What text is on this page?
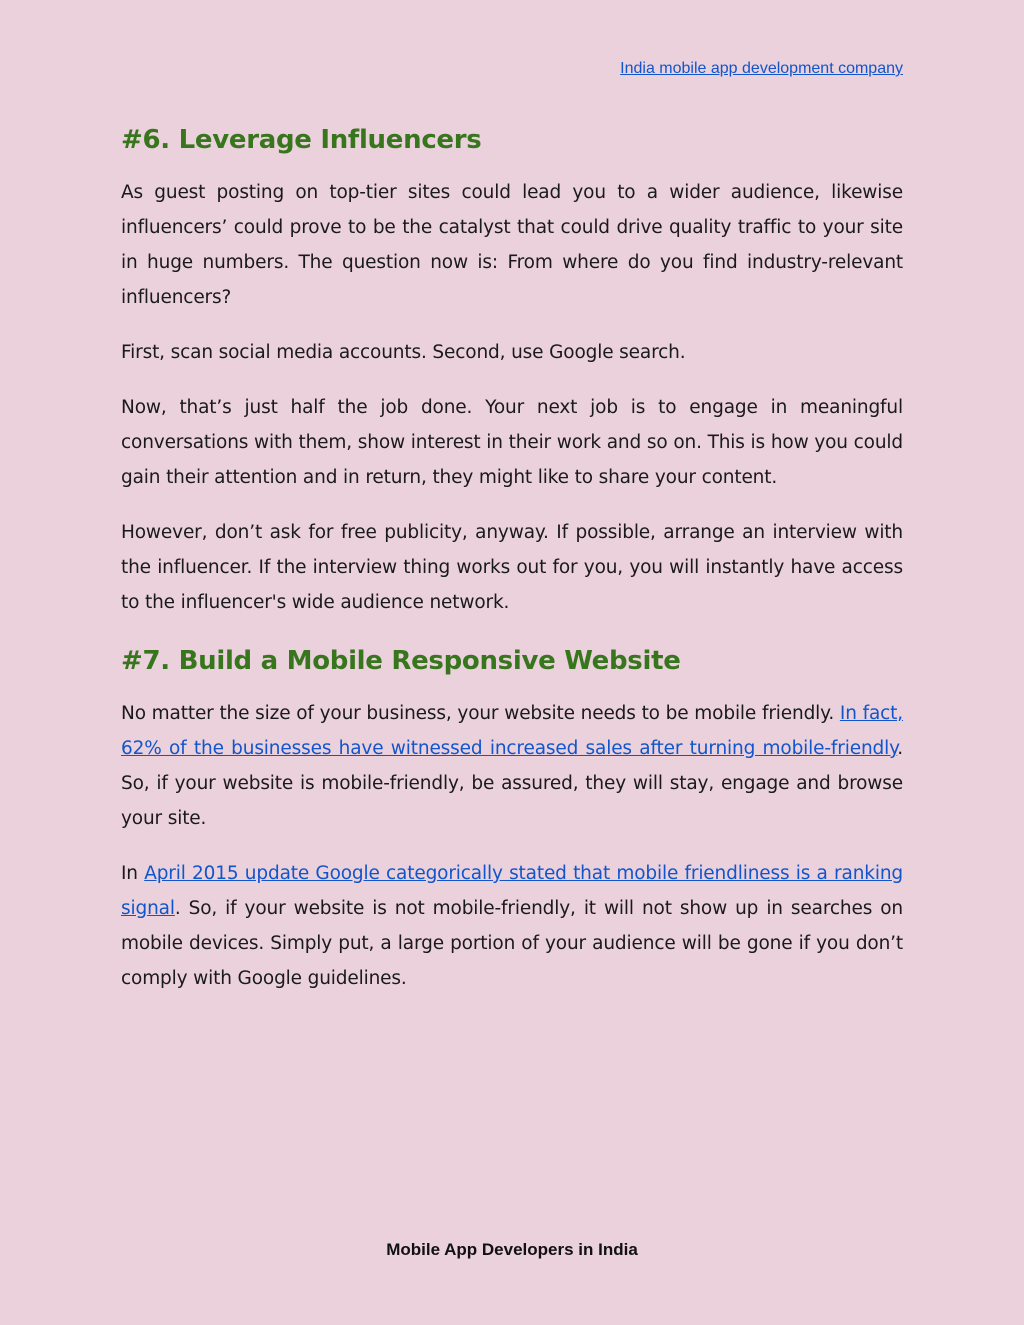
India mobile app development company
#6. Leverage Influencers

As guest posting on top-tier sites could lead you to a wider audience, likewise influencers’ could prove to be the catalyst that could drive quality traffic to your site in huge numbers. The question now is: From where do you find industry-relevant influencers?

First, scan social media accounts. Second, use Google search.

Now, that’s just half the job done. Your next job is to engage in meaningful conversations with them, show interest in their work and so on. This is how you could gain their attention and in return, they might like to share your content.

However, don’t ask for free publicity, anyway. If possible, arrange an interview with the influencer. If the interview thing works out for you, you will instantly have access to the influencer's wide audience network.

#7. Build a Mobile Responsive Website

No matter the size of your business, your website needs to be mobile friendly. In fact, 62% of the businesses have witnessed increased sales after turning mobile-friendly. So, if your website is mobile-friendly, be assured, they will stay, engage and browse your site.

In April 2015 update Google categorically stated that mobile friendliness is a ranking signal. So, if your website is not mobile-friendly, it will not show up in searches on mobile devices. Simply put, a large portion of your audience will be gone if you don’t comply with Google guidelines.

Mobile App Developers in India
